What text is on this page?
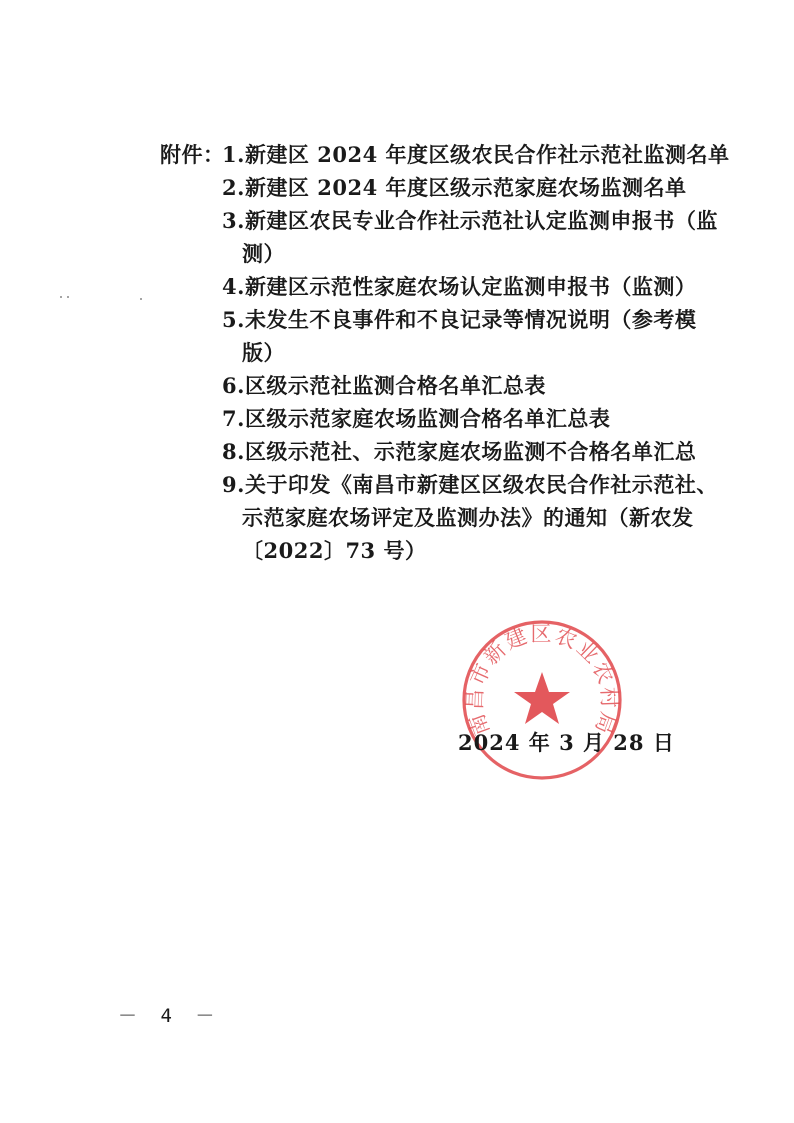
附件：
1.新建区 2024 年度区级农民合作社示范社监测名单
2.新建区 2024 年度区级示范家庭农场监测名单
3.新建区农民专业合作社示范社认定监测申报书（监
测）
4.新建区示范性家庭农场认定监测申报书（监测）
5.未发生不良事件和不良记录等情况说明（参考模
版）
6.区级示范社监测合格名单汇总表
7.区级示范家庭农场监测合格名单汇总表
8.区级示范社、示范家庭农场监测不合格名单汇总
9.关于印发《南昌市新建区区级农民合作社示范社、
示范家庭农场评定及监测办法》的通知（新农发
〔2022〕73 号）
南昌市新建区农业农村局
2024 年 3 月 28 日
－ 4 －
